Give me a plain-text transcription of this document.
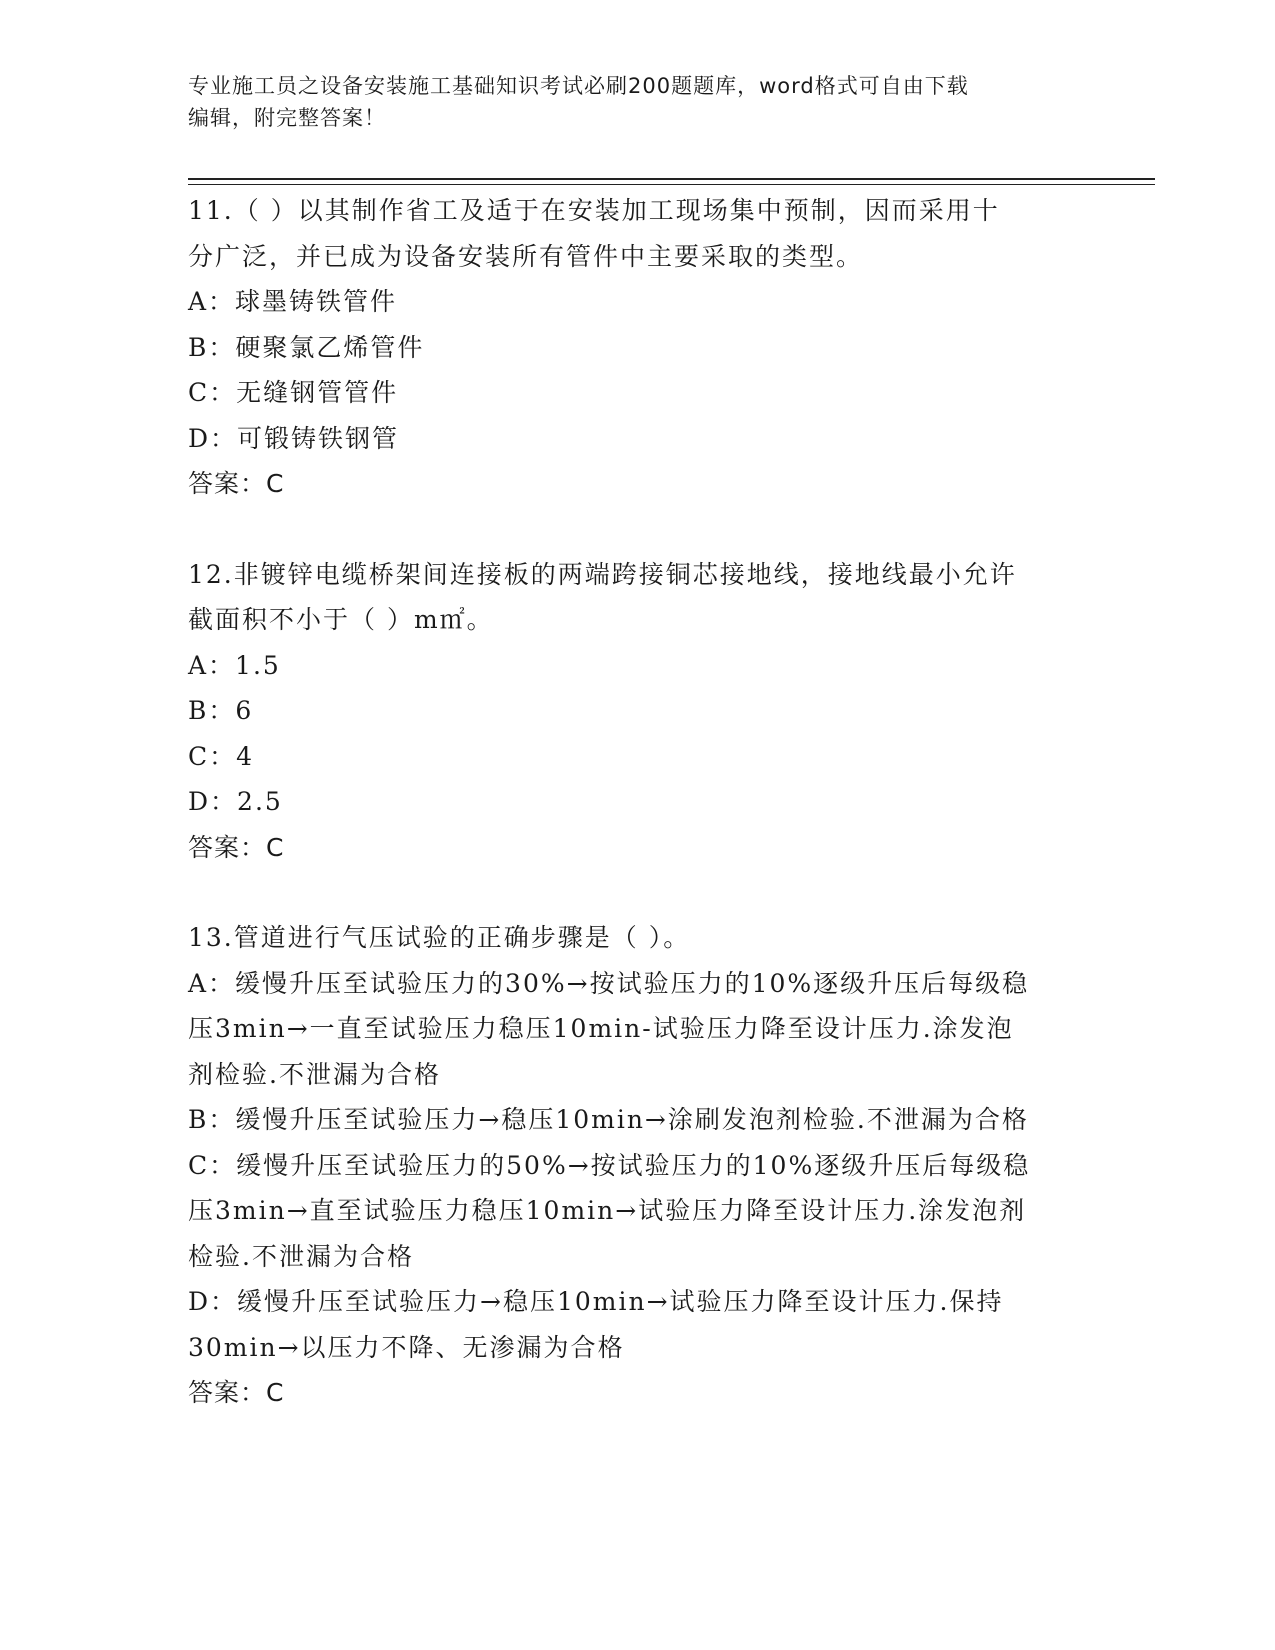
专业施工员之设备安装施工基础知识考试必刷200题题库，word格式可自由下载
编辑，附完整答案！
11.（ ）以其制作省工及适于在安装加工现场集中预制，因而采用十
分广泛，并已成为设备安装所有管件中主要采取的类型。
A：球墨铸铁管件
B：硬聚氯乙烯管件
C：无缝钢管管件
D：可锻铸铁钢管
答案：C
12.非镀锌电缆桥架间连接板的两端跨接铜芯接地线，接地线最小允许
截面积不小于（ ）m㎡。
A：1.5
B：6
C：4
D：2.5
答案：C
13.管道进行气压试验的正确步骤是（ ）。
A：缓慢升压至试验压力的30%→按试验压力的10%逐级升压后每级稳
压3min→一直至试验压力稳压10min-试验压力降至设计压力.涂发泡
剂检验.不泄漏为合格
B：缓慢升压至试验压力→稳压10min→涂刷发泡剂检验.不泄漏为合格
C：缓慢升压至试验压力的50%→按试验压力的10%逐级升压后每级稳
压3min→直至试验压力稳压10min→试验压力降至设计压力.涂发泡剂
检验.不泄漏为合格
D：缓慢升压至试验压力→稳压10min→试验压力降至设计压力.保持
30min→以压力不降、无渗漏为合格
答案：C
